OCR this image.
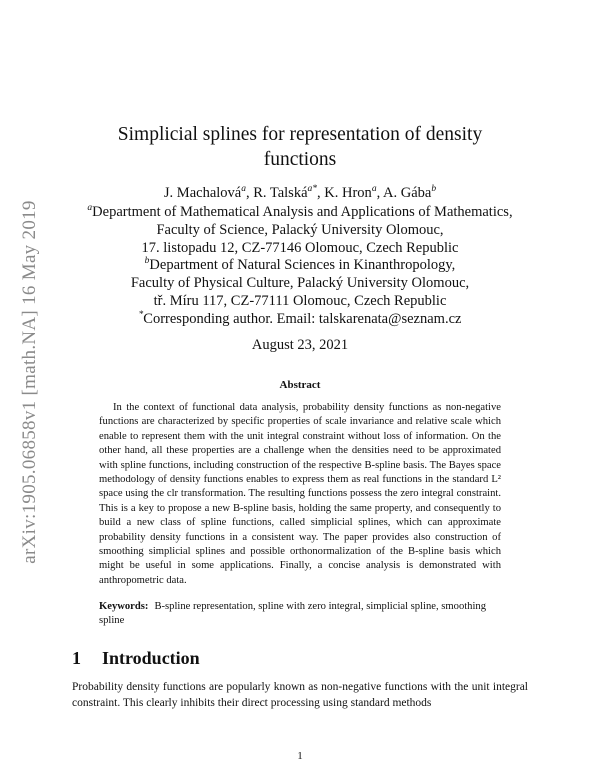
arXiv:1905.06858v1 [math.NA] 16 May 2019
Simplicial splines for representation of density
functions
J. Machalová$^a$, R. Talská$^{a*}$, K. Hron$^a$, A. Gába$^b$
$^a$Department of Mathematical Analysis and Applications of Mathematics,
Faculty of Science, Palacký University Olomouc,
17. listopadu 12, CZ-77146 Olomouc, Czech Republic
$^b$Department of Natural Sciences in Kinanthropology,
Faculty of Physical Culture, Palacký University Olomouc,
tř. Míru 117, CZ-77111 Olomouc, Czech Republic
*Corresponding author. Email: talskarenata@seznam.cz
August 23, 2021
Abstract
In the context of functional data analysis, probability density functions as non-negative functions are characterized by specific properties of scale invariance and relative scale which enable to represent them with the unit integral constraint without loss of information. On the other hand, all these properties are a challenge when the densities need to be approximated with spline functions, including construction of the respective B-spline basis. The Bayes space methodology of density functions enables to express them as real functions in the standard L² space using the clr transformation. The resulting functions possess the zero integral constraint. This is a key to propose a new B-spline basis, holding the same property, and consequently to build a new class of spline functions, called simplicial splines, which can approximate probability density functions in a consistent way. The paper provides also construction of smoothing simplicial splines and possible orthonormalization of the B-spline basis which might be useful in some applications. Finally, a concise analysis is demonstrated with anthropometric data.
Keywords: B-spline representation, spline with zero integral, simplicial spline, smoothing spline
1 Introduction
Probability density functions are popularly known as non-negative functions with the unit integral constraint. This clearly inhibits their direct processing using standard methods
1
